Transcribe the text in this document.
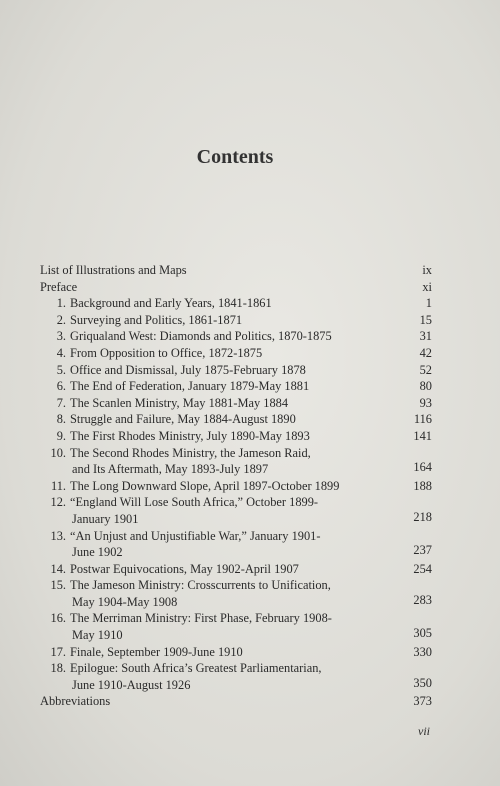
Contents
List of Illustrations and Maps	ix
Preface	xi
1. Background and Early Years, 1841-1861	1
2. Surveying and Politics, 1861-1871	15
3. Griqualand West: Diamonds and Politics, 1870-1875	31
4. From Opposition to Office, 1872-1875	42
5. Office and Dismissal, July 1875-February 1878	52
6. The End of Federation, January 1879-May 1881	80
7. The Scanlen Ministry, May 1881-May 1884	93
8. Struggle and Failure, May 1884-August 1890	116
9. The First Rhodes Ministry, July 1890-May 1893	141
10. The Second Rhodes Ministry, the Jameson Raid,
and Its Aftermath, May 1893-July 1897	164
11. The Long Downward Slope, April 1897-October 1899	188
12. “England Will Lose South Africa,” October 1899-
January 1901	218
13. “An Unjust and Unjustifiable War,” January 1901-
June 1902	237
14. Postwar Equivocations, May 1902-April 1907	254
15. The Jameson Ministry: Crosscurrents to Unification,
May 1904-May 1908	283
16. The Merriman Ministry: First Phase, February 1908-
May 1910	305
17. Finale, September 1909-June 1910	330
18. Epilogue: South Africa’s Greatest Parliamentarian,
June 1910-August 1926	350
Abbreviations	373
vii
